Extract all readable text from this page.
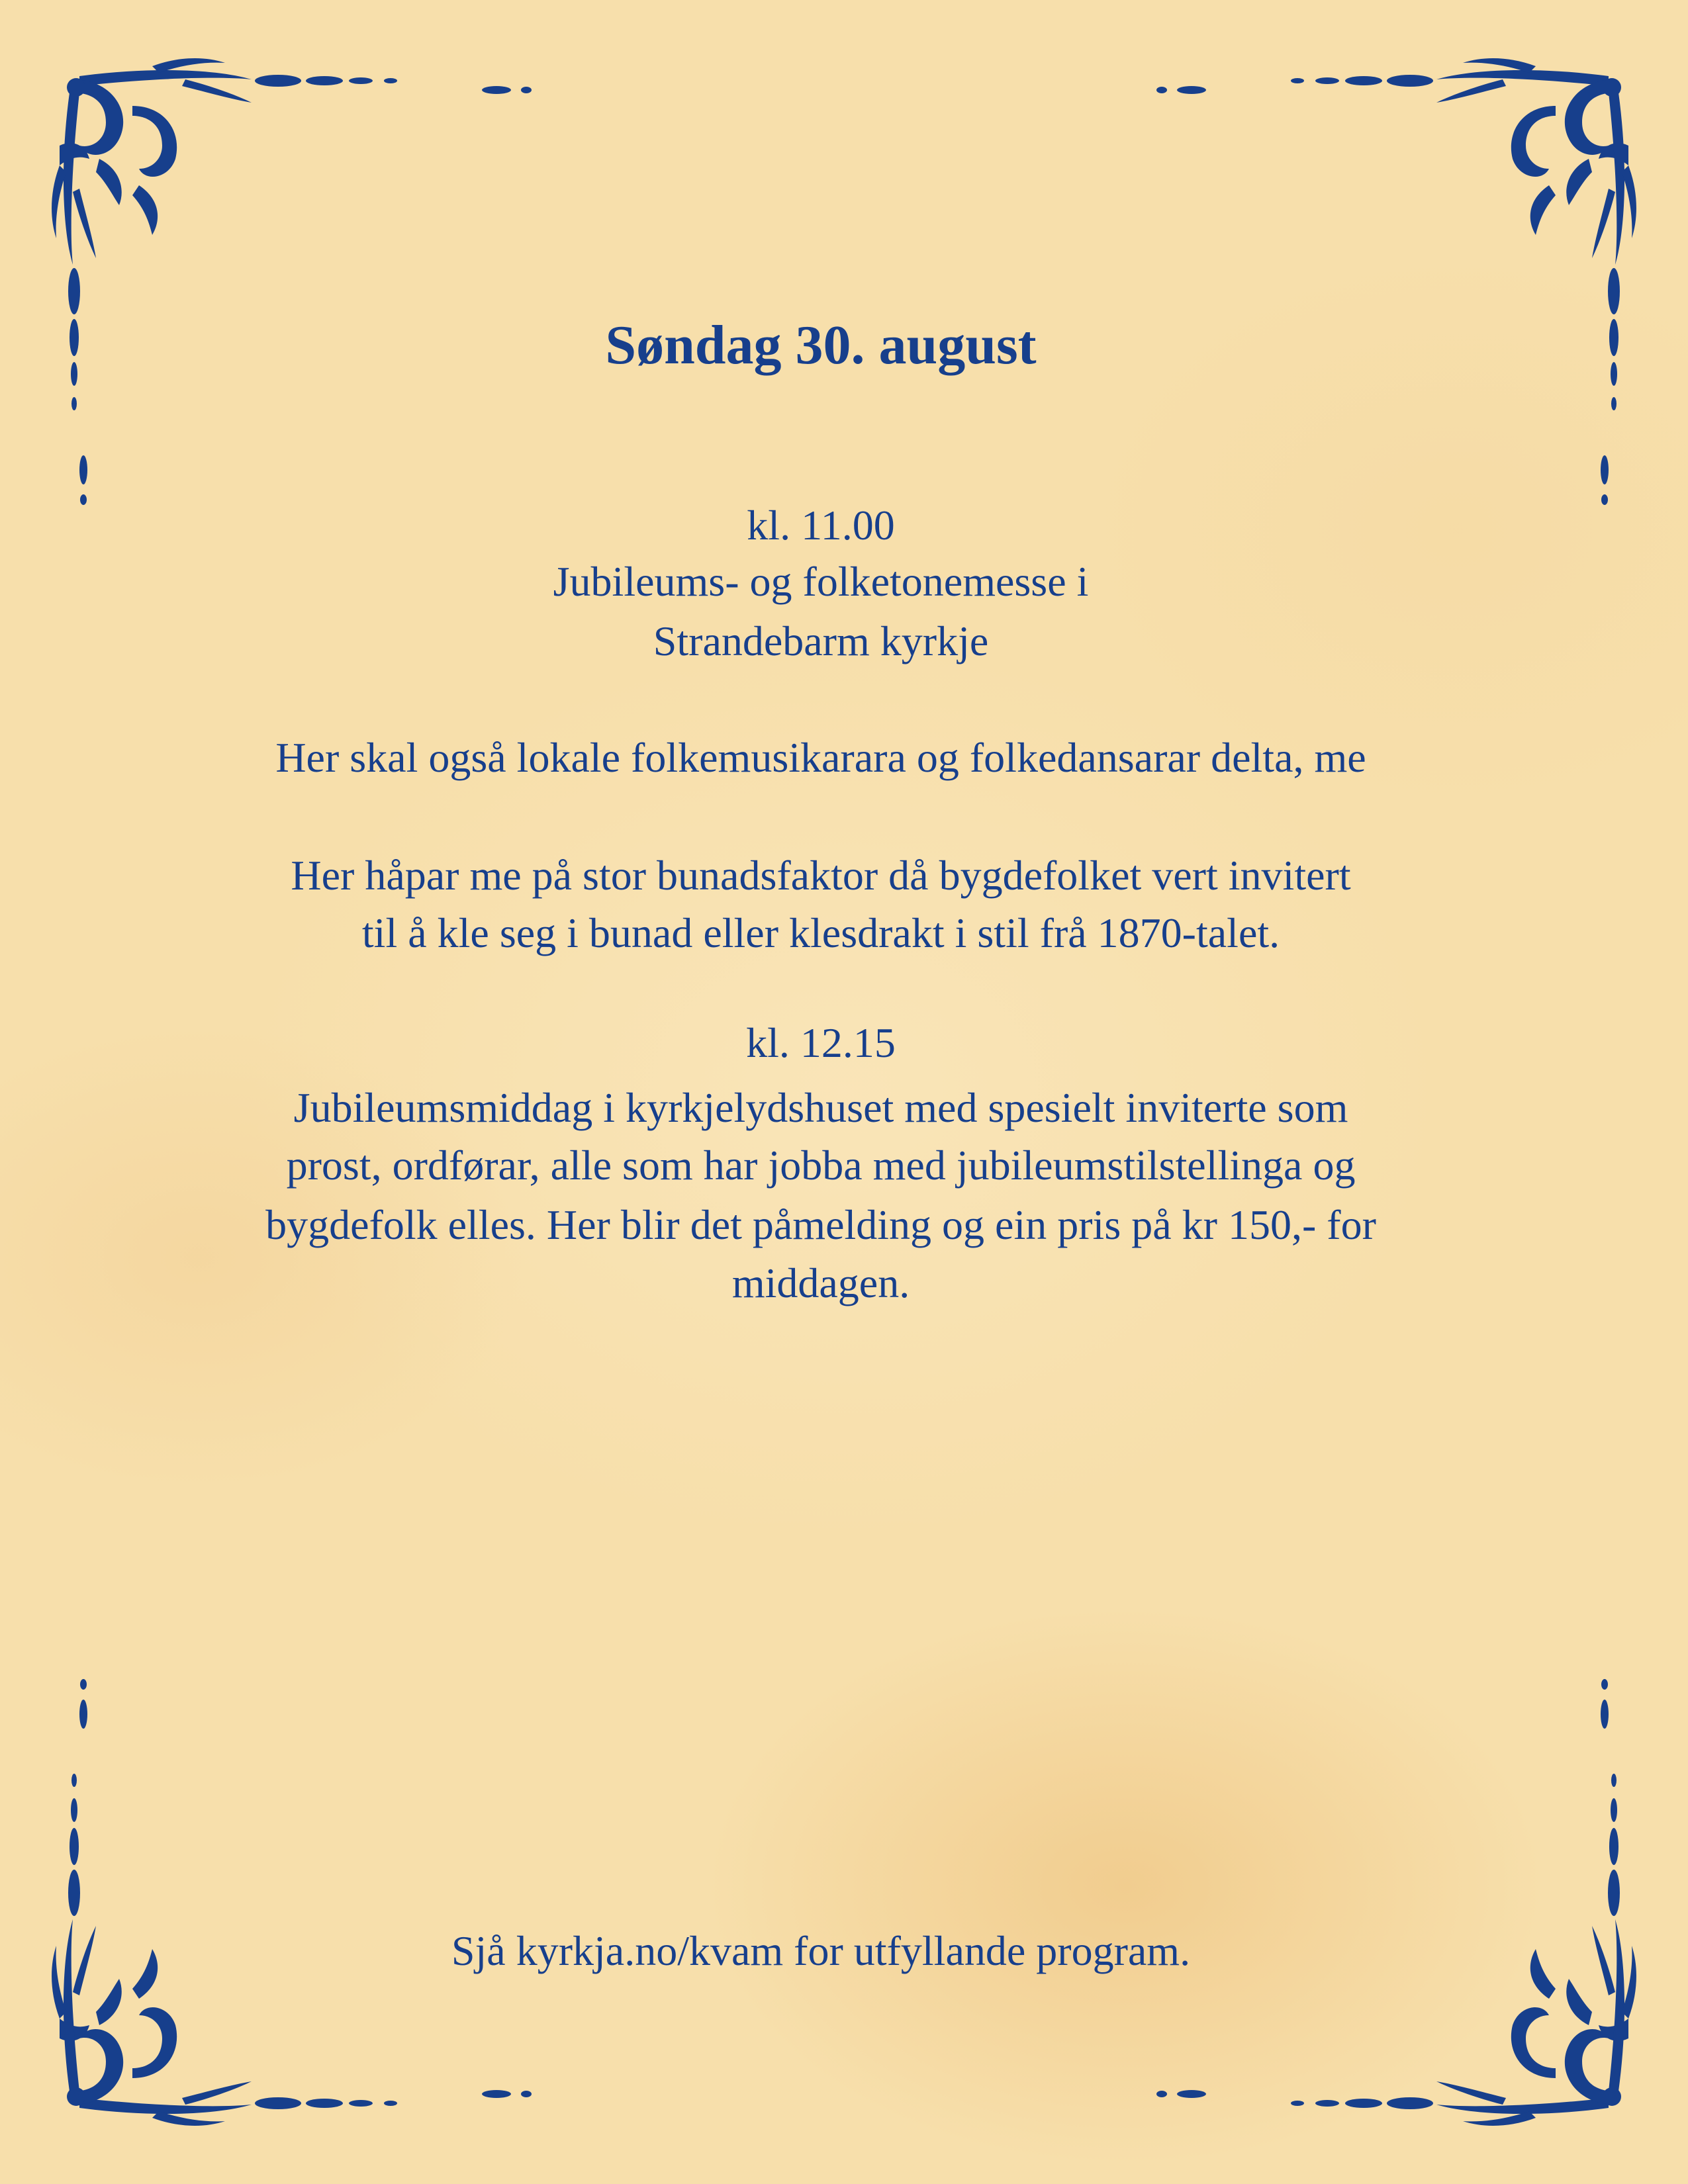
Søndag 30. august
kl. 11.00
Jubileums- og folketonemesse i
Strandebarm kyrkje
Her skal også lokale folkemusikarara og folkedansarar delta, me
Her håpar me på stor bunadsfaktor då bygdefolket vert invitert
til å kle seg i bunad eller klesdrakt i stil frå 1870-talet.
kl. 12.15
Jubileumsmiddag i kyrkjelydshuset med spesielt inviterte som
prost, ordførar, alle som har jobba med jubileumstilstellinga og
bygdefolk elles. Her blir det påmelding og ein pris på kr 150,- for
middagen.
Sjå kyrkja.no/kvam for utfyllande program.
